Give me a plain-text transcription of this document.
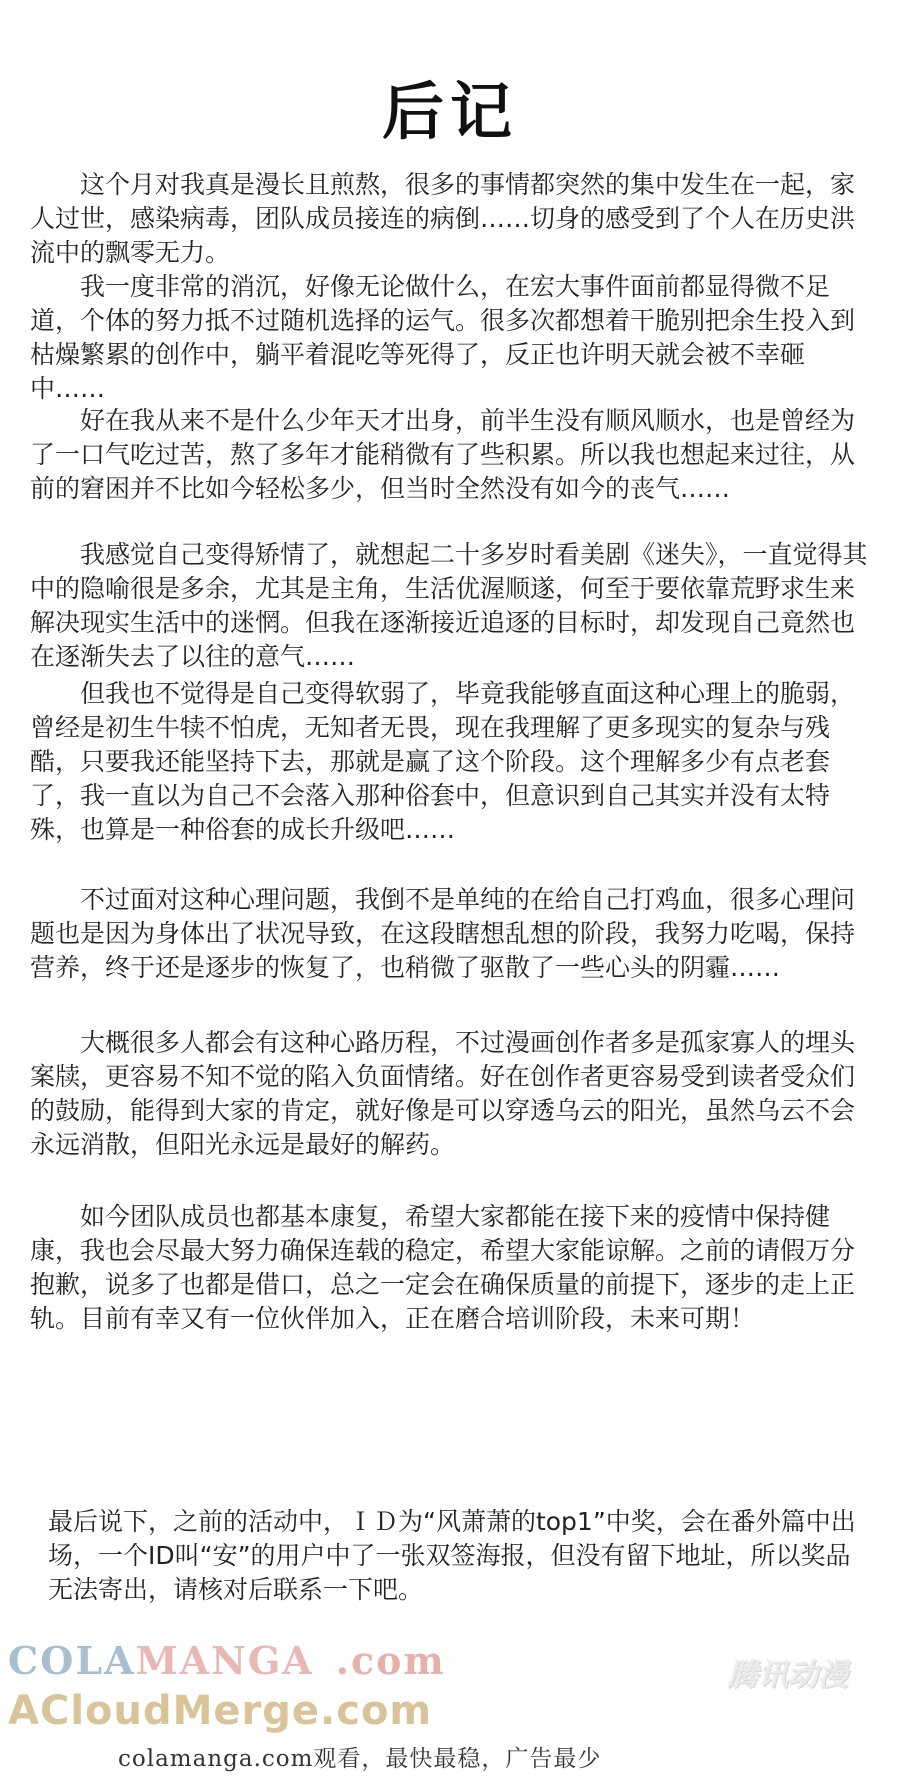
后记

　　这个月对我真是漫长且煎熬，很多的事情都突然的集中发生在一起，家人过世，感染病毒，团队成员接连的病倒……切身的感受到了个人在历史洪流中的飘零无力。

　　我一度非常的消沉，好像无论做什么，在宏大事件面前都显得微不足道，个体的努力抵不过随机选择的运气。很多次都想着干脆别把余生投入到枯燥繁累的创作中，躺平着混吃等死得了，反正也许明天就会被不幸砸中……

　　好在我从来不是什么少年天才出身，前半生没有顺风顺水，也是曾经为了一口气吃过苦，熬了多年才能稍微有了些积累。所以我也想起来过往，从前的窘困并不比如今轻松多少，但当时全然没有如今的丧气……

　　我感觉自己变得矫情了，就想起二十多岁时看美剧《迷失》，一直觉得其中的隐喻很是多余，尤其是主角，生活优渥顺遂，何至于要依靠荒野求生来解决现实生活中的迷惘。但我在逐渐接近追逐的目标时，却发现自己竟然也在逐渐失去了以往的意气……

　　但我也不觉得是自己变得软弱了，毕竟我能够直面这种心理上的脆弱，曾经是初生牛犊不怕虎，无知者无畏，现在我理解了更多现实的复杂与残酷，只要我还能坚持下去，那就是赢了这个阶段。这个理解多少有点老套了，我一直以为自己不会落入那种俗套中，但意识到自己其实并没有太特殊，也算是一种俗套的成长升级吧……

　　不过面对这种心理问题，我倒不是单纯的在给自己打鸡血，很多心理问题也是因为身体出了状况导致，在这段瞎想乱想的阶段，我努力吃喝，保持营养，终于还是逐步的恢复了，也稍微了驱散了一些心头的阴霾……

　　大概很多人都会有这种心路历程，不过漫画创作者多是孤家寡人的埋头案牍，更容易不知不觉的陷入负面情绪。好在创作者更容易受到读者受众们的鼓励，能得到大家的肯定，就好像是可以穿透乌云的阳光，虽然乌云不会永远消散，但阳光永远是最好的解药。

　　如今团队成员也都基本康复，希望大家都能在接下来的疫情中保持健康，我也会尽最大努力确保连载的稳定，希望大家能谅解。之前的请假万分抱歉，说多了也都是借口，总之一定会在确保质量的前提下，逐步的走上正轨。目前有幸又有一位伙伴加入，正在磨合培训阶段，未来可期！

最后说下，之前的活动中，ＩＤ为“风萧萧的top1”中奖，会在番外篇中出场，一个ID叫“安”的用户中了一张双签海报，但没有留下地址，所以奖品无法寄出，请核对后联系一下吧。

COLAMANGA .com
ACloudMerge.com
腾讯动漫
colamanga.com观看，最快最稳，广告最少
